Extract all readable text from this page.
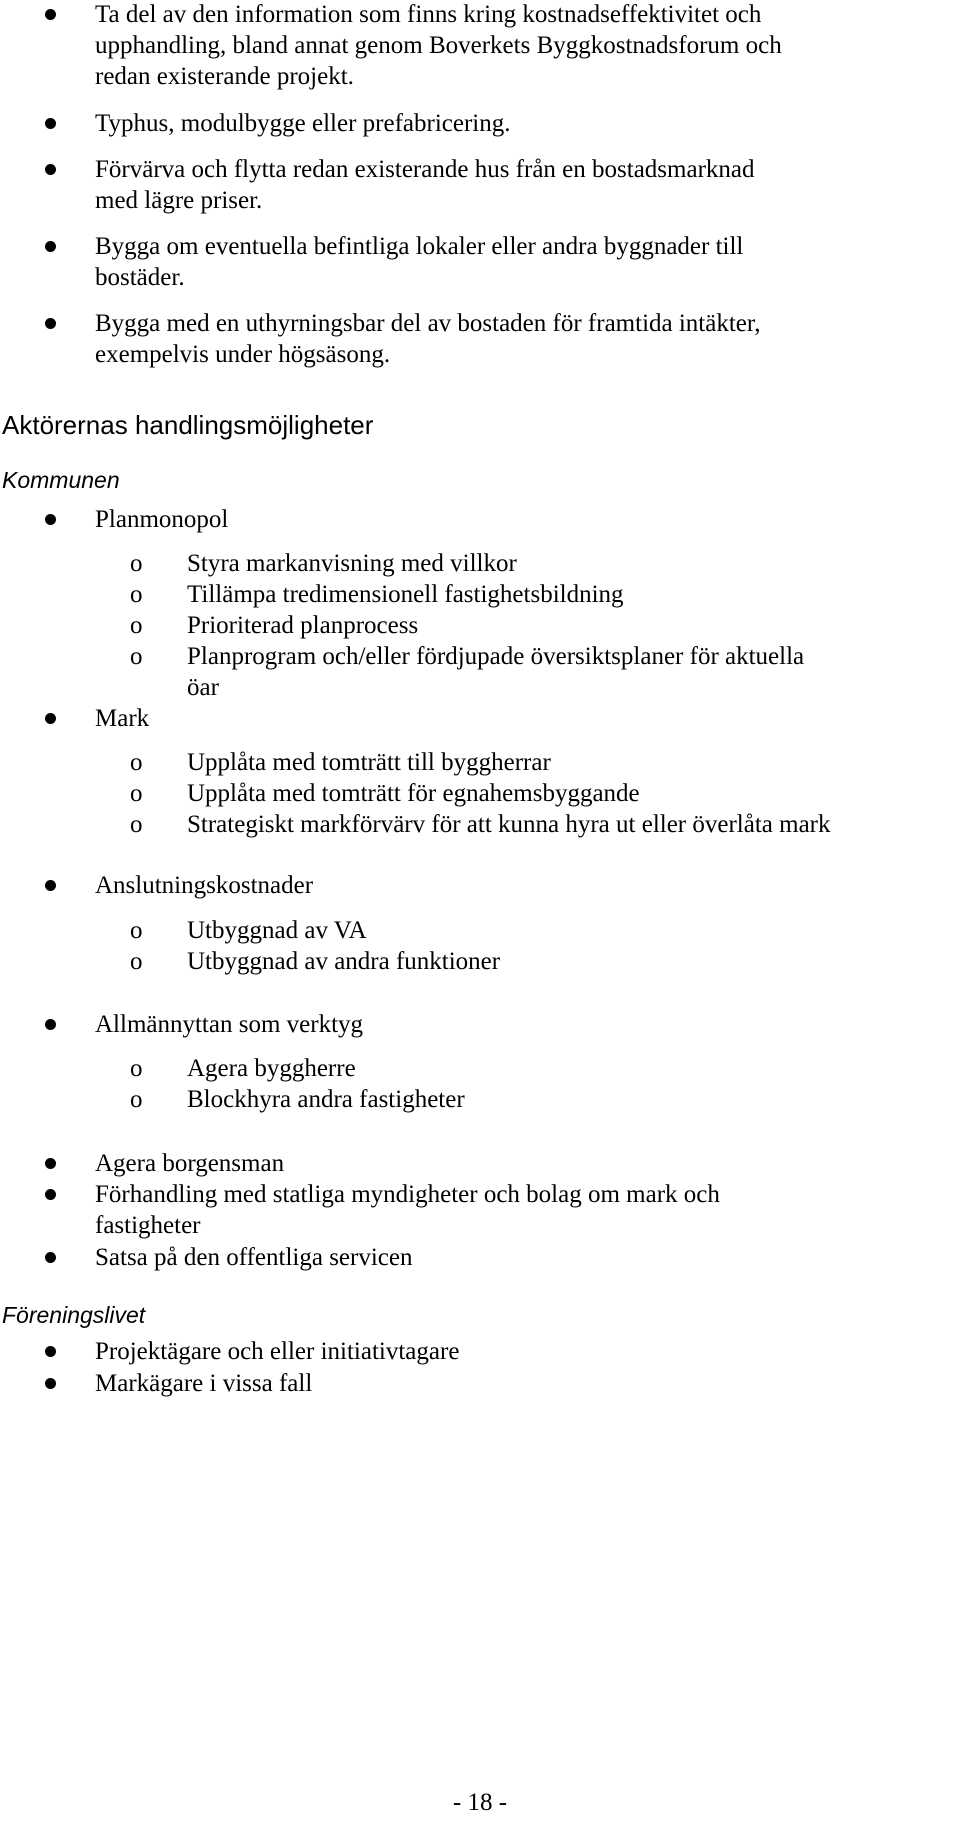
Ta del av den information som finns kring kostnadseffektivitet och
upphandling, bland annat genom Boverkets Byggkostnadsforum och
redan existerande projekt.
Typhus, modulbygge eller prefabricering.
Förvärva och flytta redan existerande hus från en bostadsmarknad
med lägre priser.
Bygga om eventuella befintliga lokaler eller andra byggnader till
bostäder.
Bygga med en uthyrningsbar del av bostaden för framtida intäkter,
exempelvis under högsäsong.
Aktörernas handlingsmöjligheter
Kommunen
Planmonopol
o Styra markanvisning med villkor
o Tillämpa tredimensionell fastighetsbildning
o Prioriterad planprocess
o Planprogram och/eller fördjupade översiktsplaner för aktuella
öar
Mark
o Upplåta med tomträtt till byggherrar
o Upplåta med tomträtt för egnahemsbyggande
o Strategiskt markförvärv för att kunna hyra ut eller överlåta mark
Anslutningskostnader
o Utbyggnad av VA
o Utbyggnad av andra funktioner
Allmännyttan som verktyg
o Agera byggherre
o Blockhyra andra fastigheter
Agera borgensman
Förhandling med statliga myndigheter och bolag om mark och
fastigheter
Satsa på den offentliga servicen
Föreningslivet
Projektägare och eller initiativtagare
Markägare i vissa fall
- 18 -
